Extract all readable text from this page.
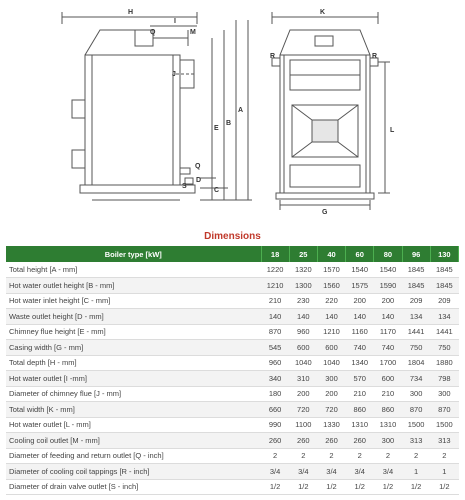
H
I
Q	M
J
E
B
A
C
D
S
Q
K
R	R
L
G
Dimensions
Boiler type [kW]	18	25	40	60	80	96	130
Total height [A - mm]	1220	1320	1570	1540	1540	1845	1845
Hot water outlet height [B - mm]	1210	1300	1560	1575	1590	1845	1845
Hot water inlet height [C - mm]	210	230	220	200	200	209	209
Waste outlet height [D - mm]	140	140	140	140	140	134	134
Chimney flue height [E - mm]	870	960	1210	1160	1170	1441	1441
Casing width [G - mm]	545	600	600	740	740	750	750
Total depth [H - mm]	960	1040	1040	1340	1700	1804	1880
Hot water outlet [I -mm]	340	310	300	570	600	734	798
Diameter of chimney flue [J - mm]	180	200	200	210	210	300	300
Total width [K - mm]	660	720	720	860	860	870	870
Hot water outlet [L - mm]	990	1100	1330	1310	1310	1500	1500
Cooling coil outlet [M - mm]	260	260	260	260	300	313	313
Diameter of feeding and return outlet [Q - inch]	2	2	2	2	2	2	2
Diameter of cooling coil tappings [R - inch]	3/4	3/4	3/4	3/4	3/4	1	1
Diameter of drain valve outlet [S - inch]	1/2	1/2	1/2	1/2	1/2	1/2	1/2
